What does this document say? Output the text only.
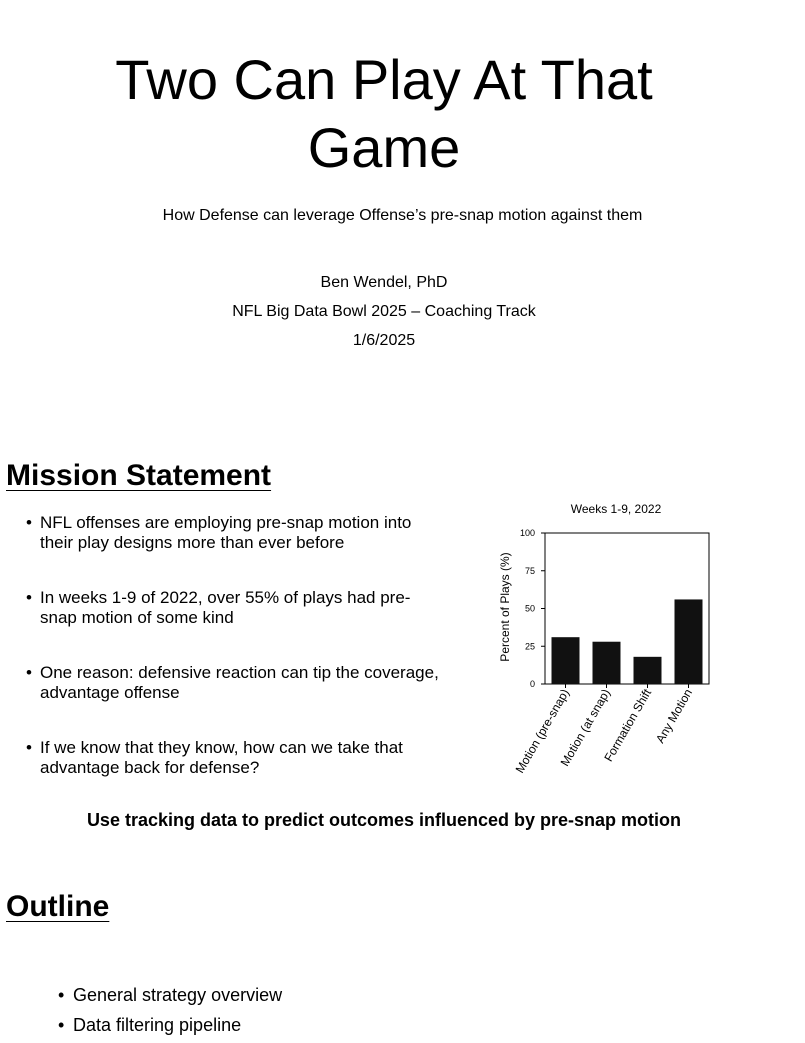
Two Can Play At That
Game
How Defense can leverage Offense’s pre-snap motion against them
Ben Wendel, PhD
NFL Big Data Bowl 2025 – Coaching Track
1/6/2025
Mission Statement
• NFL offenses are employing pre-snap motion into their play designs more than ever before
• In weeks 1-9 of 2022, over 55% of plays had pre-snap motion of some kind
• One reason: defensive reaction can tip the coverage, advantage offense
• If we know that they know, how can we take that advantage back for defense?
Weeks 1-9, 2022
Percent of Plays (%)
0
25
50
75
100
Motion (pre-snap)
Motion (at snap)
Formation Shift
Any Motion
Use tracking data to predict outcomes influenced by pre-snap motion
Outline
• General strategy overview
• Data filtering pipeline
